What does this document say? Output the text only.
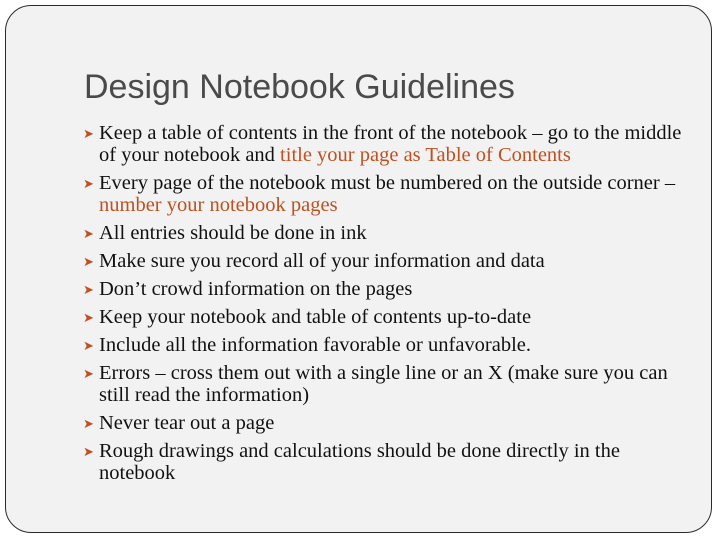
Design Notebook Guidelines
➤ Keep a table of contents in the front of the notebook – go to the middle of your notebook and title your page as Table of Contents
➤ Every page of the notebook must be numbered on the outside corner – number your notebook pages
➤ All entries should be done in ink
➤ Make sure you record all of your information and data
➤ Don’t crowd information on the pages
➤ Keep your notebook and table of contents up-to-date
➤ Include all the information favorable or unfavorable.
➤ Errors – cross them out with a single line or an X (make sure you can still read the information)
➤ Never tear out a page
➤ Rough drawings and calculations should be done directly in the notebook
